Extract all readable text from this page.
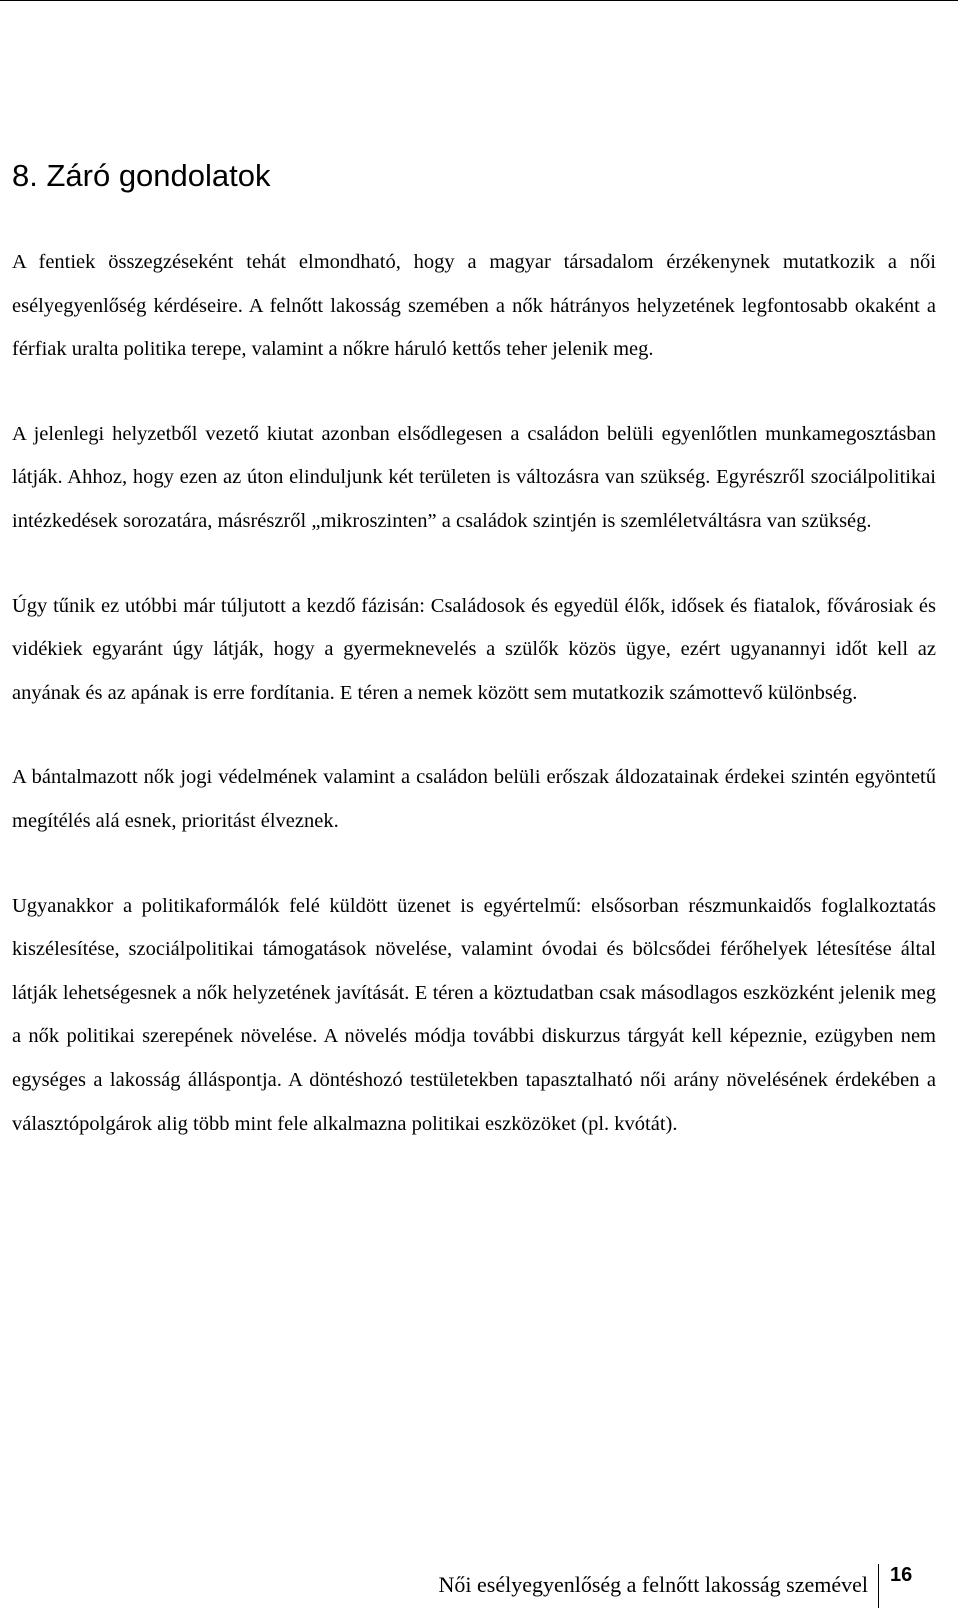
8. Záró gondolatok

A fentiek összegzéseként tehát elmondható, hogy a magyar társadalom érzékenynek mutatkozik a női esélyegyenlőség kérdéseire. A felnőtt lakosság szemében a nők hátrányos helyzetének legfontosabb okaként a férfiak uralta politika terepe, valamint a nőkre háruló kettős teher jelenik meg.

A jelenlegi helyzetből vezető kiutat azonban elsődlegesen a családon belüli egyenlőtlen munkamegosztásban látják. Ahhoz, hogy ezen az úton elinduljunk két területen is változásra van szükség. Egyrészről szociálpolitikai intézkedések sorozatára, másrészről „mikroszinten” a családok szintjén is szemléletváltásra van szükség.

Úgy tűnik ez utóbbi már túljutott a kezdő fázisán: Családosok és egyedül élők, idősek és fiatalok, fővárosiak és vidékiek egyaránt úgy látják, hogy a gyermeknevelés a szülők közös ügye, ezért ugyanannyi időt kell az anyának és az apának is erre fordítania. E téren a nemek között sem mutatkozik számottevő különbség.

A bántalmazott nők jogi védelmének valamint a családon belüli erőszak áldozatainak érdekei szintén egyöntetű megítélés alá esnek, prioritást élveznek.

Ugyanakkor a politikaformálók felé küldött üzenet is egyértelmű: elsősorban részmunkaidős foglalkoztatás kiszélesítése, szociálpolitikai támogatások növelése, valamint óvodai és bölcsődei férőhelyek létesítése által látják lehetségesnek a nők helyzetének javítását. E téren a köztudatban csak másodlagos eszközként jelenik meg a nők politikai szerepének növelése. A növelés módja további diskurzus tárgyát kell képeznie, ezügyben nem egységes a lakosság álláspontja. A döntéshozó testületekben tapasztalható női arány növelésének érdekében a választópolgárok alig több mint fele alkalmazna politikai eszközöket (pl. kvótát).

Női esélyegyenlőség a felnőtt lakosság szemével 16
